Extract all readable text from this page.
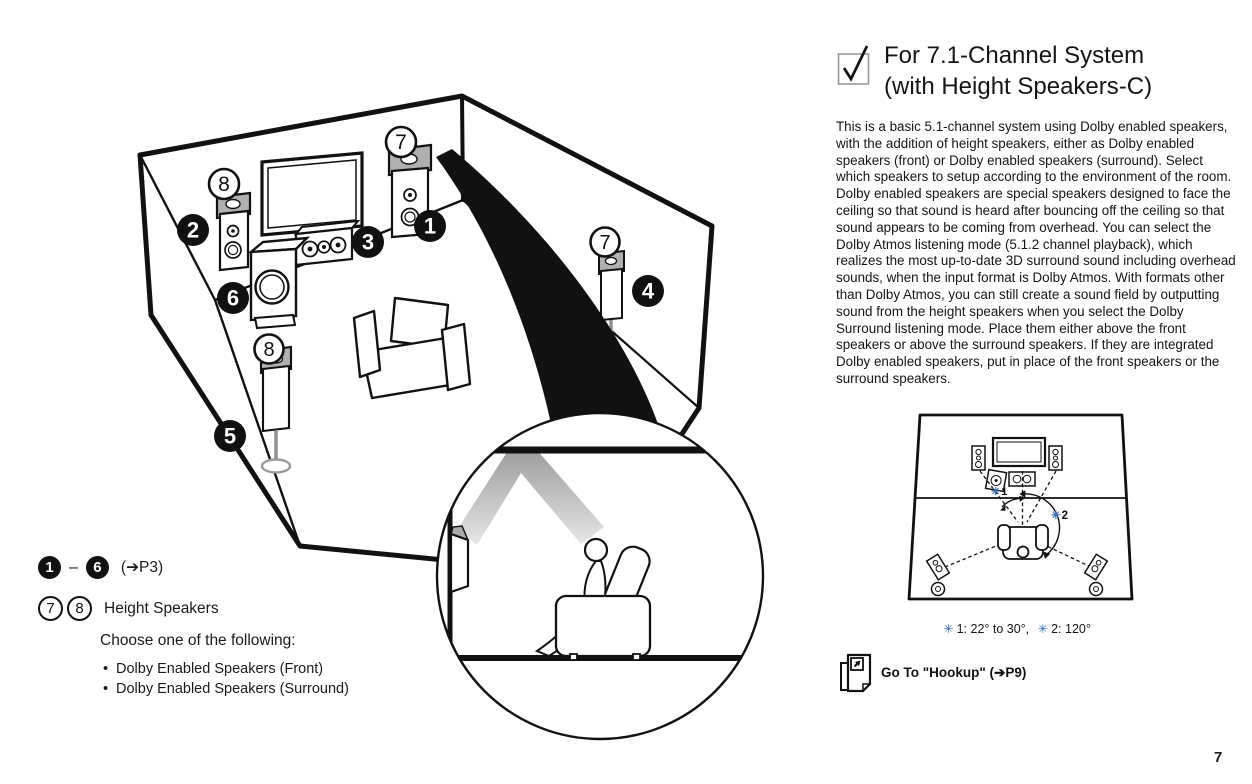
7
8
2	1
3
6
7
4
8
5
1 –	6	(➔P3)
7	8	Height Speakers
Choose one of the following:
• Dolby Enabled Speakers (Front)
• Dolby Enabled Speakers (Surround)
For 7.1-Channel System
(with Height Speakers-C)

This is a basic 5.1-channel system using Dolby enabled speakers, with the addition of height speakers, either as Dolby enabled speakers (front) or Dolby enabled speakers (surround). Select which speakers to setup according to the environment of the room.

Dolby enabled speakers are special speakers designed to face the ceiling so that sound is heard after bouncing off the ceiling so that sound appears to be coming from overhead. You can select the Dolby Atmos listening mode (5.1.2 channel playback), which realizes the most up-to-date 3D surround sound including overhead sounds, when the input format is Dolby Atmos. With formats other than Dolby Atmos, you can still create a sound field by outputting sound from the height speakers when you select the Dolby Surround listening mode. Place them either above the front speakers or above the surround speakers. If they are integrated Dolby enabled speakers, put in place of the front speakers or the surround speakers.

✳1
✳2
✳ 1: 22° to 30°, ✳ 2: 120°
Go To "Hookup" (➔P9)
7
